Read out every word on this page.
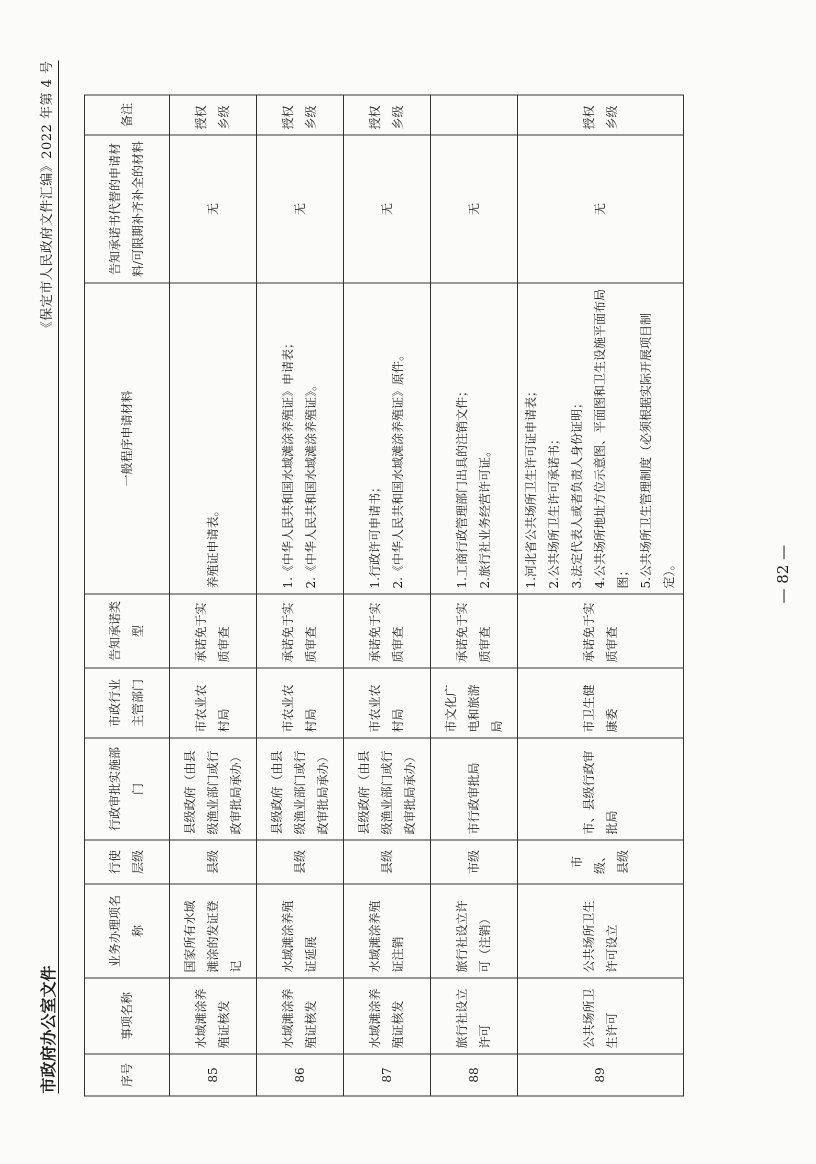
《保定市人民政府文件汇编》2022 年第 4 号
市政府办公室文件	序号	事项名称	业务办理项名　　称	行使层级	行政审批实施部门	市政行业主管部门	告知承诺类型	一般程序申请材料	告知承诺书代替的申请材料/可限期补齐补全的材料	备注
85	水域滩涂养殖证核发	国家所有水域滩涂的发证登记	县级	县级政府（由县级渔业部门或行政审批局承办）	市农业农村局	承诺免于实质审查	养殖证申请表。	无	授权乡级
86	水域滩涂养殖证核发	水域滩涂养殖证延展	县级	县级政府（由县级渔业部门或行政审批局承办）	市农业农村局	承诺免于实质审查	1.《中华人民共和国水域滩涂养殖证》申请表； 2.《中华人民共和国水域滩涂养殖证》。	无	授权乡级
87	水域滩涂养殖证核发	水域滩涂养殖证注销	县级	县级政府（由县级渔业部门或行政审批局承办）	市农业农村局	承诺免于实质审查	1.行政许可申请书； 2.《中华人民共和国水域滩涂养殖证》原件。	无	授权乡级
88	旅行社设立许可	旅行社设立许可（注销）	市级	市行政审批局	市文化广电和旅游局	承诺免于实质审查	1.工商行政管理部门出具的注销文件； 2.旅行社业务经营许可证。	无	
89	公共场所卫生许可	公共场所卫生许可设立	市级、县级	市、县级行政审批局	市卫生健康委	承诺免于实质审查	1.河北省公共场所卫生许可证申请表； 2.公共场所卫生许可承诺书； 3.法定代表人或者负责人身份证明； 4.公共场所地址方位示意图、平面图和卫生设施平面布局图； 5.公共场所卫生管理制度（必须根据实际开展项目制定）。	无	授权乡级
— 82 —
